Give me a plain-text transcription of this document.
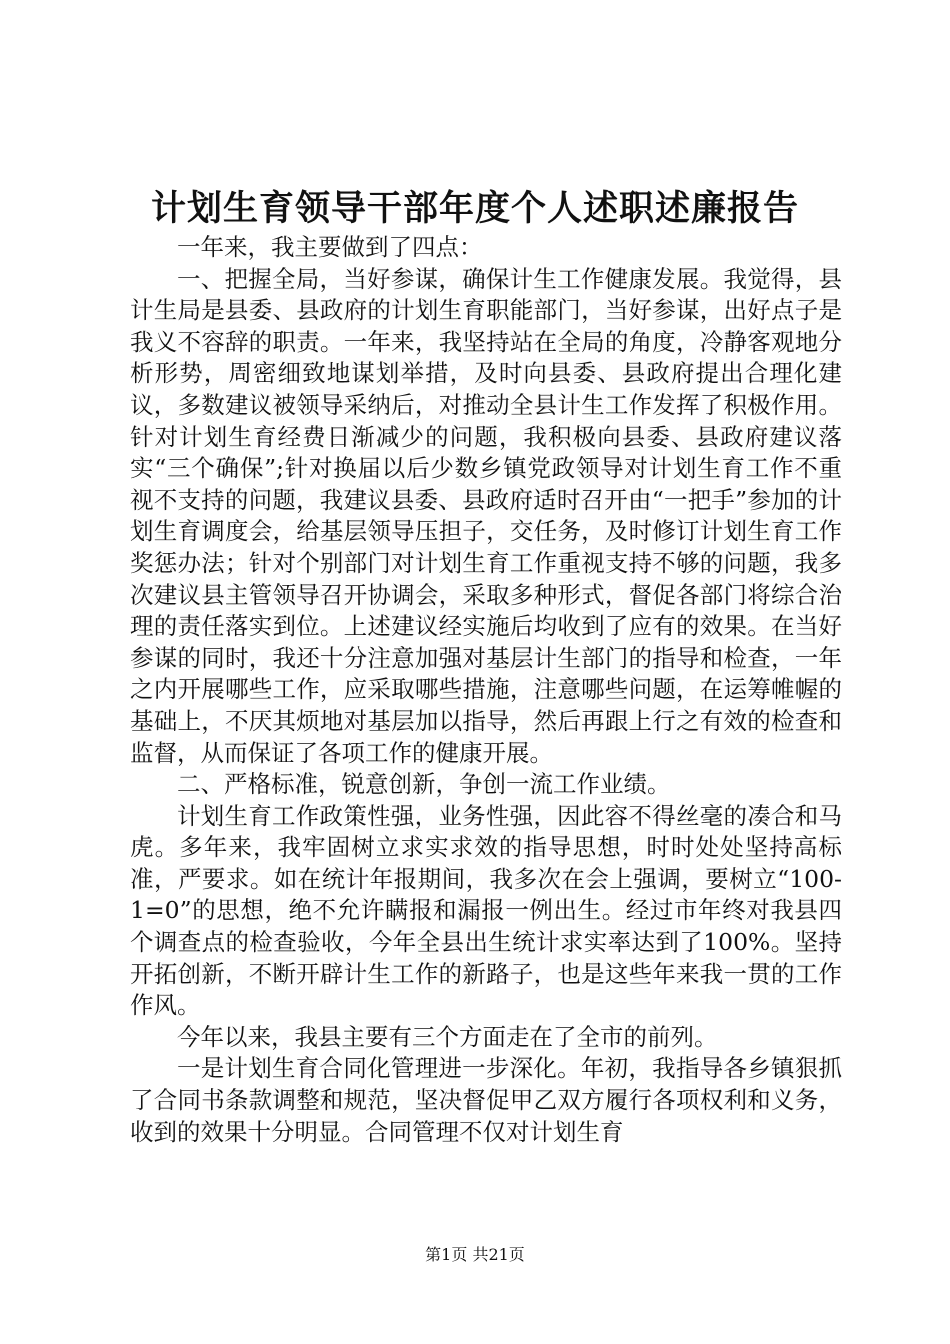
计划生育领导干部年度个人述职述廉报告

一年来，我主要做到了四点：

一、把握全局，当好参谋，确保计生工作健康发展。我觉得，县计生局是县委、县政府的计划生育职能部门，当好参谋，出好点子是我义不容辞的职责。一年来，我坚持站在全局的角度，冷静客观地分析形势，周密细致地谋划举措，及时向县委、县政府提出合理化建议，多数建议被领导采纳后，对推动全县计生工作发挥了积极作用。针对计划生育经费日渐减少的问题，我积极向县委、县政府建议落实“三个确保”;针对换届以后少数乡镇党政领导对计划生育工作不重视不支持的问题，我建议县委、县政府适时召开由“一把手”参加的计划生育调度会，给基层领导压担子，交任务，及时修订计划生育工作奖惩办法；针对个别部门对计划生育工作重视支持不够的问题，我多次建议县主管领导召开协调会，采取多种形式，督促各部门将综合治理的责任落实到位。上述建议经实施后均收到了应有的效果。在当好参谋的同时，我还十分注意加强对基层计生部门的指导和检查，一年之内开展哪些工作，应采取哪些措施，注意哪些问题，在运筹帷幄的基础上，不厌其烦地对基层加以指导，然后再跟上行之有效的检查和监督，从而保证了各项工作的健康开展。

二、严格标准，锐意创新，争创一流工作业绩。

计划生育工作政策性强，业务性强，因此容不得丝毫的凑合和马虎。多年来，我牢固树立求实求效的指导思想，时时处处坚持高标准，严要求。如在统计年报期间，我多次在会上强调，要树立“100-1=0”的思想，绝不允许瞒报和漏报一例出生。经过市年终对我县四个调查点的检查验收，今年全县出生统计求实率达到了100%。坚持开拓创新，不断开辟计生工作的新路子，也是这些年来我一贯的工作作风。

今年以来，我县主要有三个方面走在了全市的前列。

一是计划生育合同化管理进一步深化。年初，我指导各乡镇狠抓了合同书条款调整和规范，坚决督促甲乙双方履行各项权利和义务，收到的效果十分明显。合同管理不仅对计划生育

第1页 共21页
